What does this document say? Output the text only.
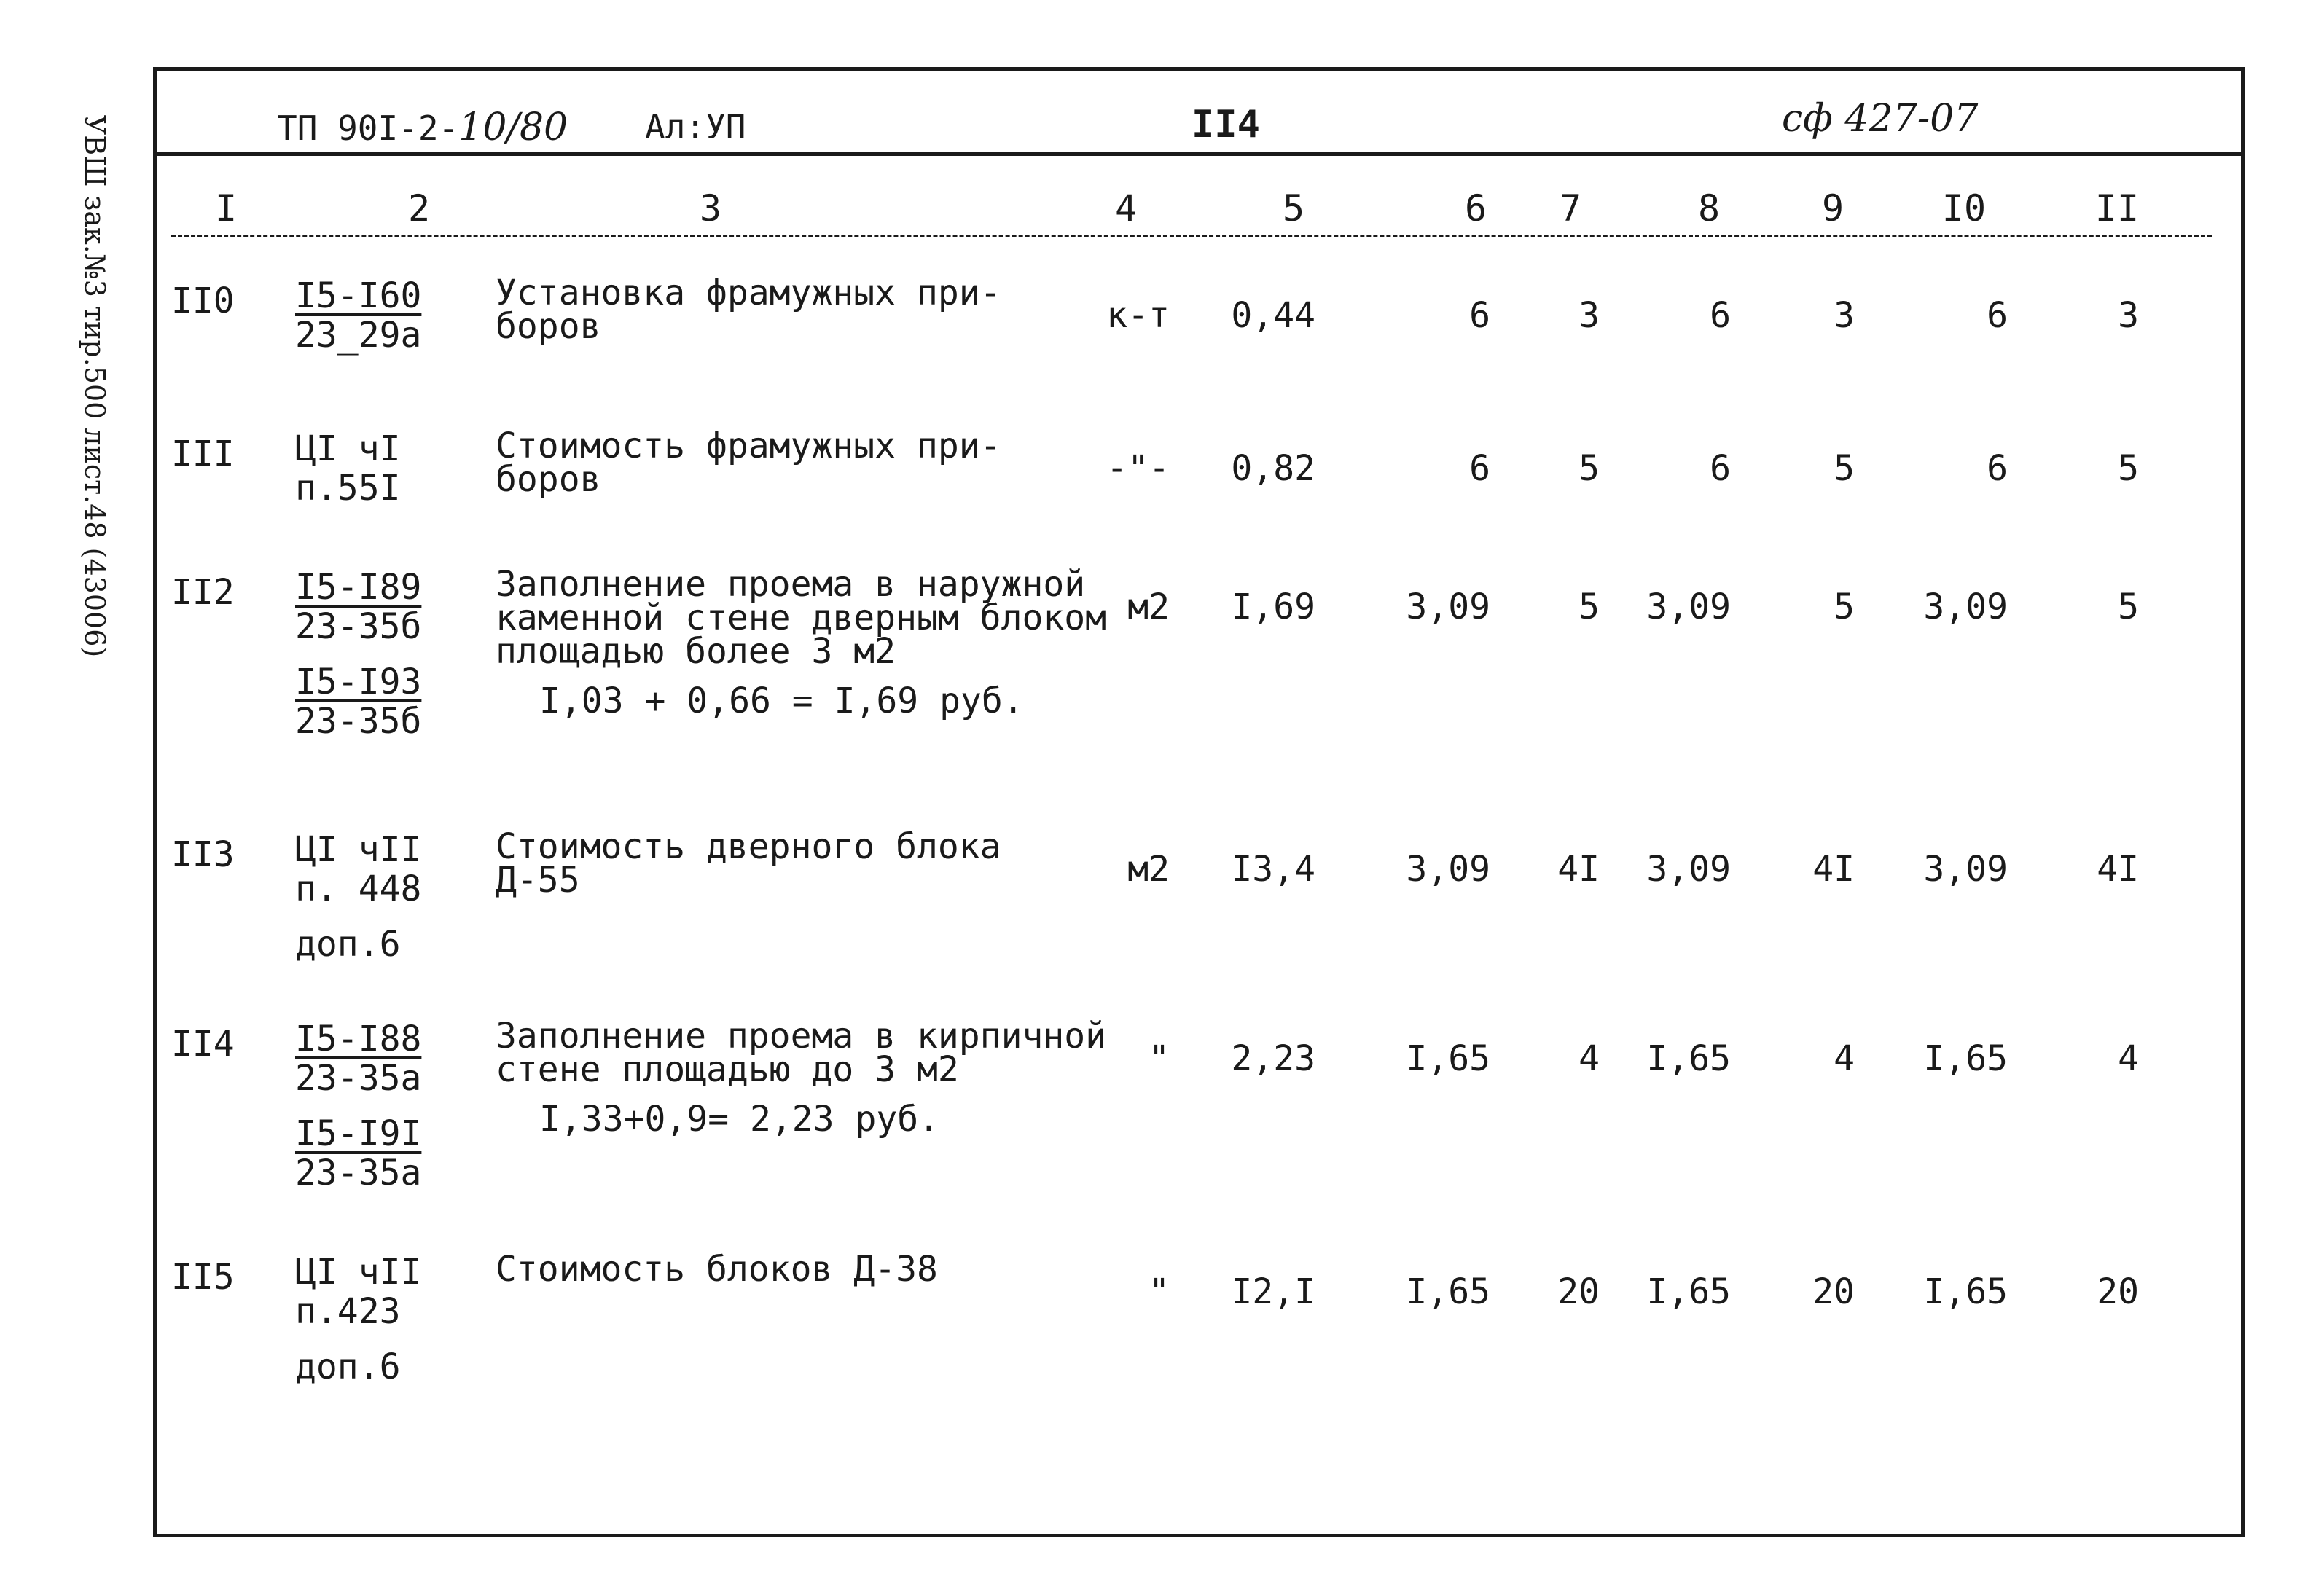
УВШ зак.№3 тир.500 лист.48 (43006)	ТП 90I-2-10/80 Ал:УП	II4	сф 427-07
I	2	3	4	5	6 7	8	9	I0	II
II0 I5-I60
23_29а
Установка фрамужных при-
боров	к-т 0,44	6	3	6	3	6	3
III ЦI чI
п.55I
Стоимость фрамужных при-
боров	-"- 0,82	6	5	6	5	6	5
II2 I5-I89
23-35б
I5-I93
23-35б
Заполнение проема в наружной
каменной стене дверным блоком
площадью более 3 м2
I,03 + 0,66 = I,69 руб.
м2 I,69	3,09	5 3,09	5 3,09	5
II3 ЦI чII
п. 448
доп.6
Стоимость дверного блока
Д-55	м2 I3,4	3,09 4I 3,09 4I 3,09	4I
II4 I5-I88
23-35а
I5-I9I
23-35а
Заполнение проема в кирпичной
стене площадью до 3 м2
I,33+0,9= 2,23 руб.
" 2,23	I,65	4 I,65	4 I,65	4
II5 ЦI чII
п.423
доп.6
Стоимость блоков Д-38
" I2,I	I,65 20 I,65 20 I,65	20
